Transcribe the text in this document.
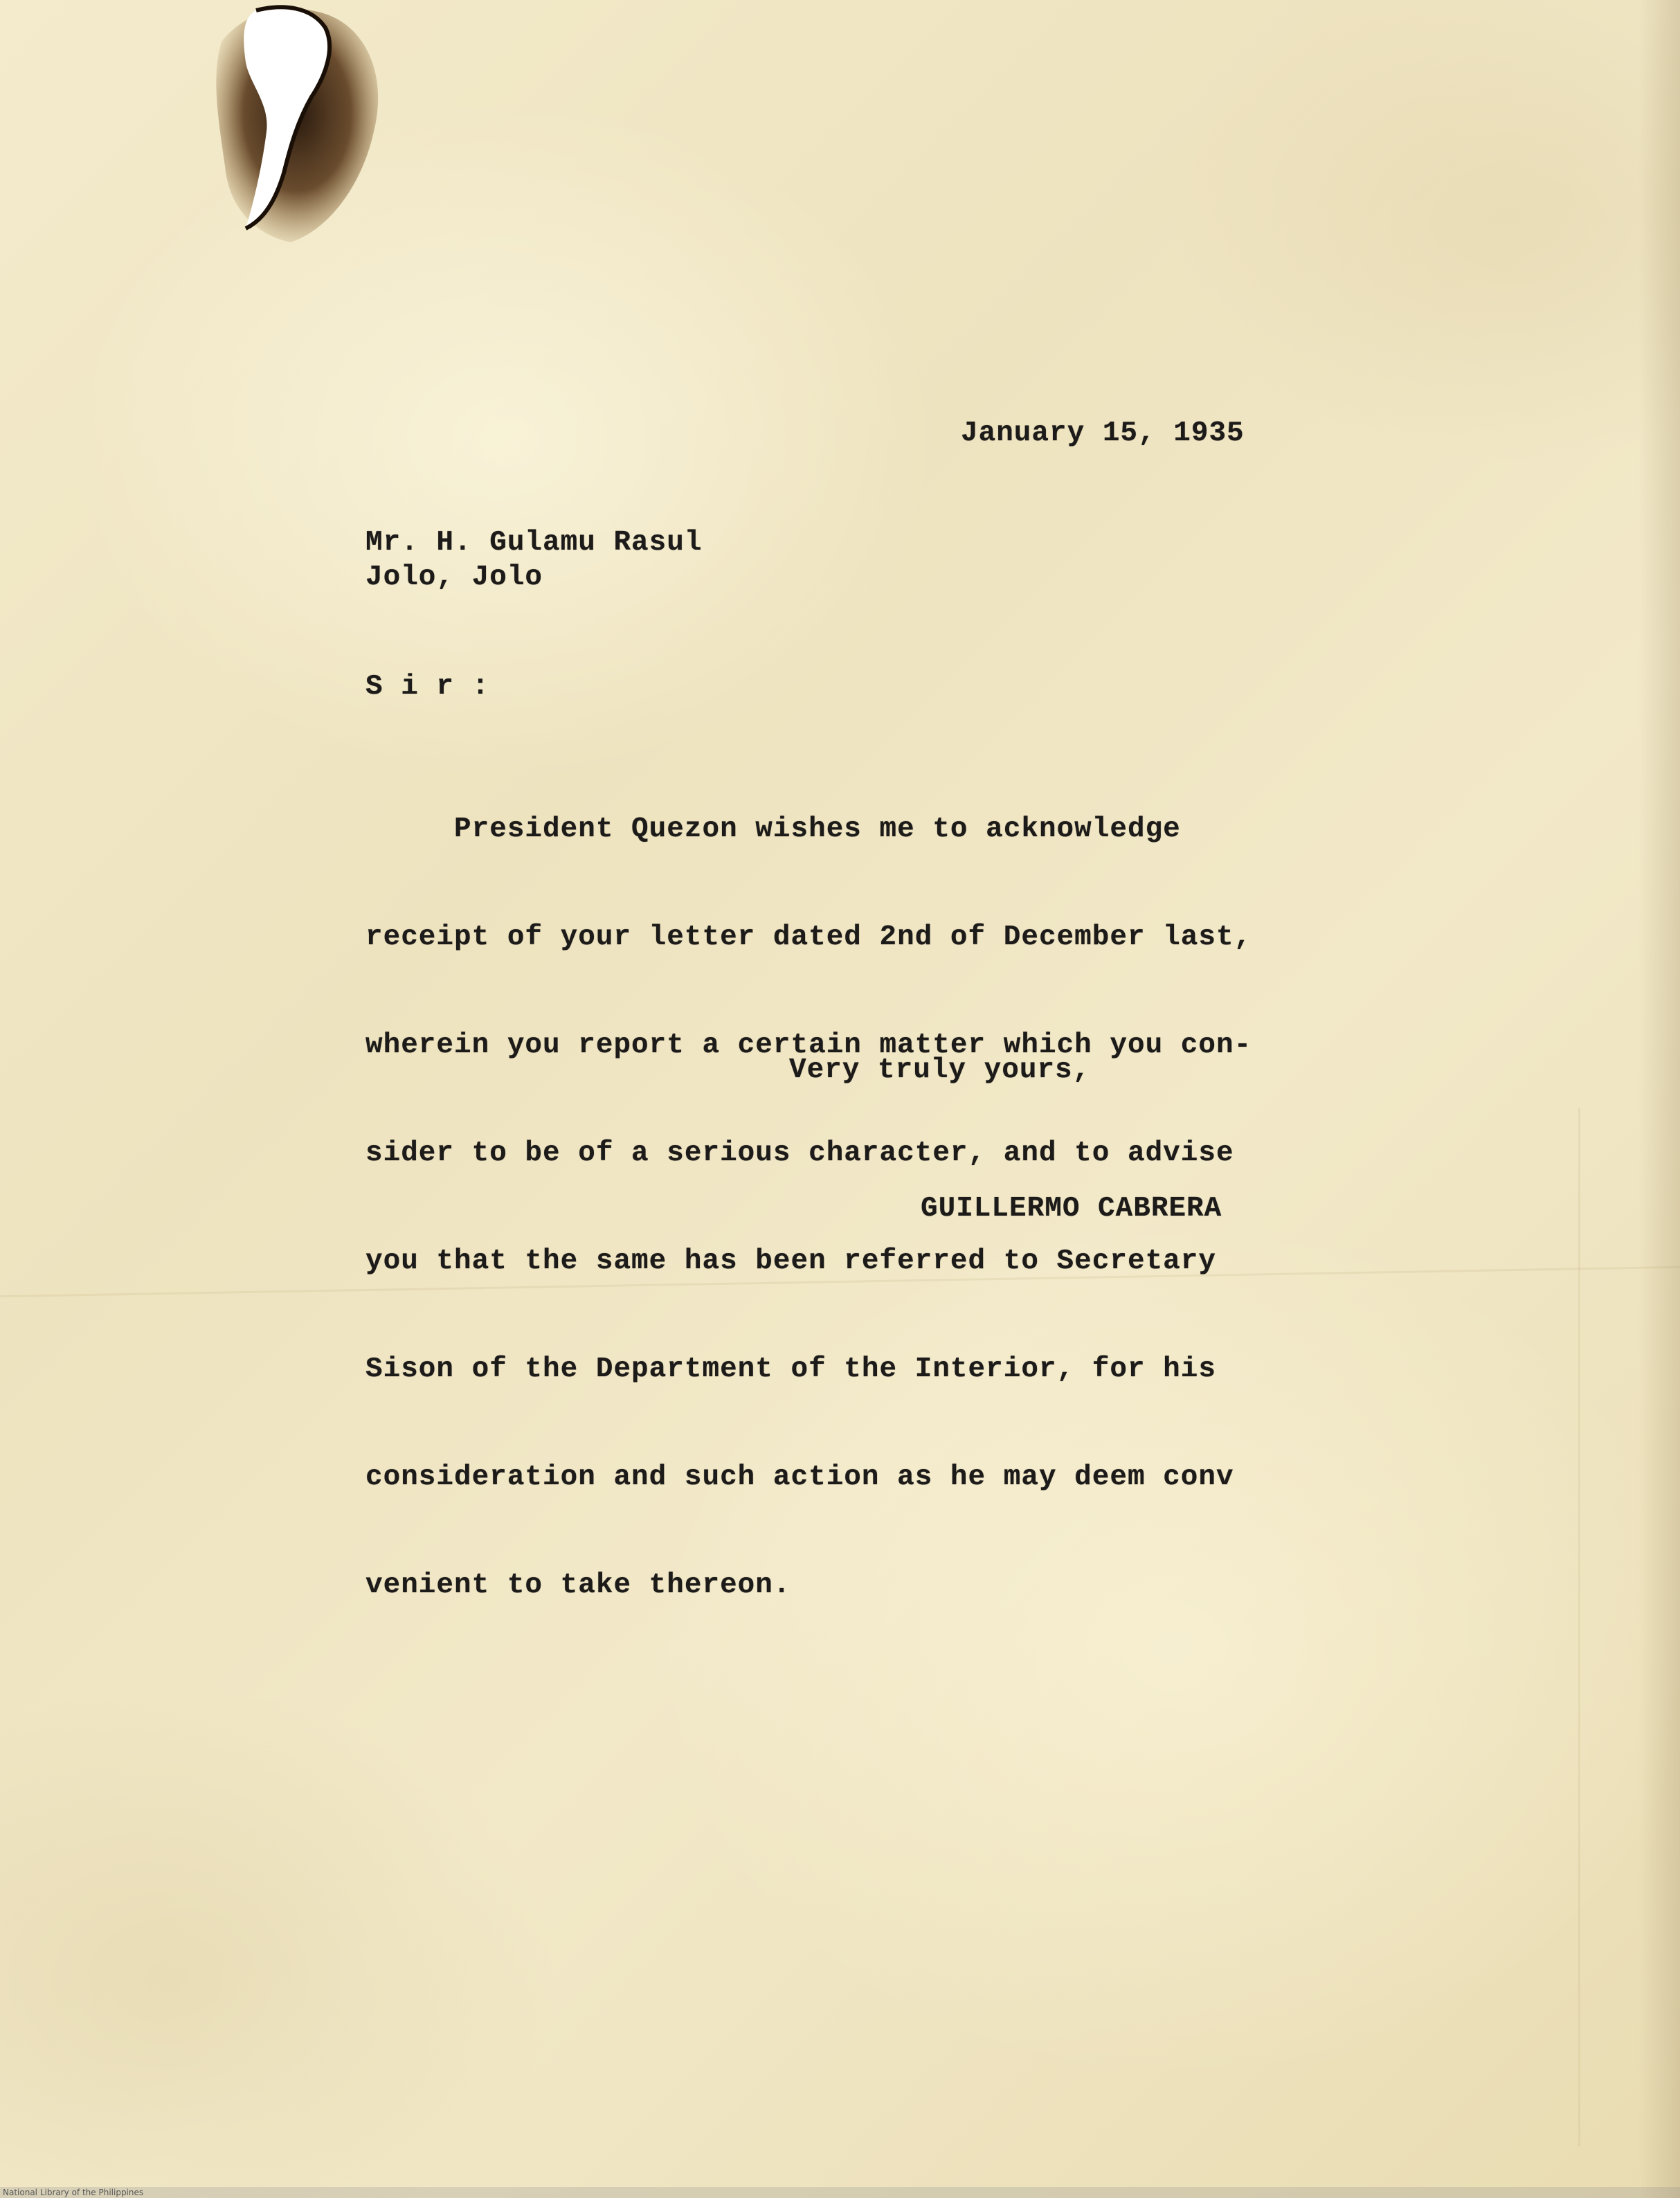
January 15, 1935
Mr. H. Gulamu Rasul
Jolo, Jolo
S i r :

President Quezon wishes me to acknowledge

receipt of your letter dated 2nd of December last,

wherein you report a certain matter which you con-

sider to be of a serious character, and to advise

you that the same has been referred to Secretary

Sison of the Department of the Interior, for his

consideration and such action as he may deem conv

venient to take thereon.

Very truly yours,
GUILLERMO CABRERA
National Library of the Philippines
